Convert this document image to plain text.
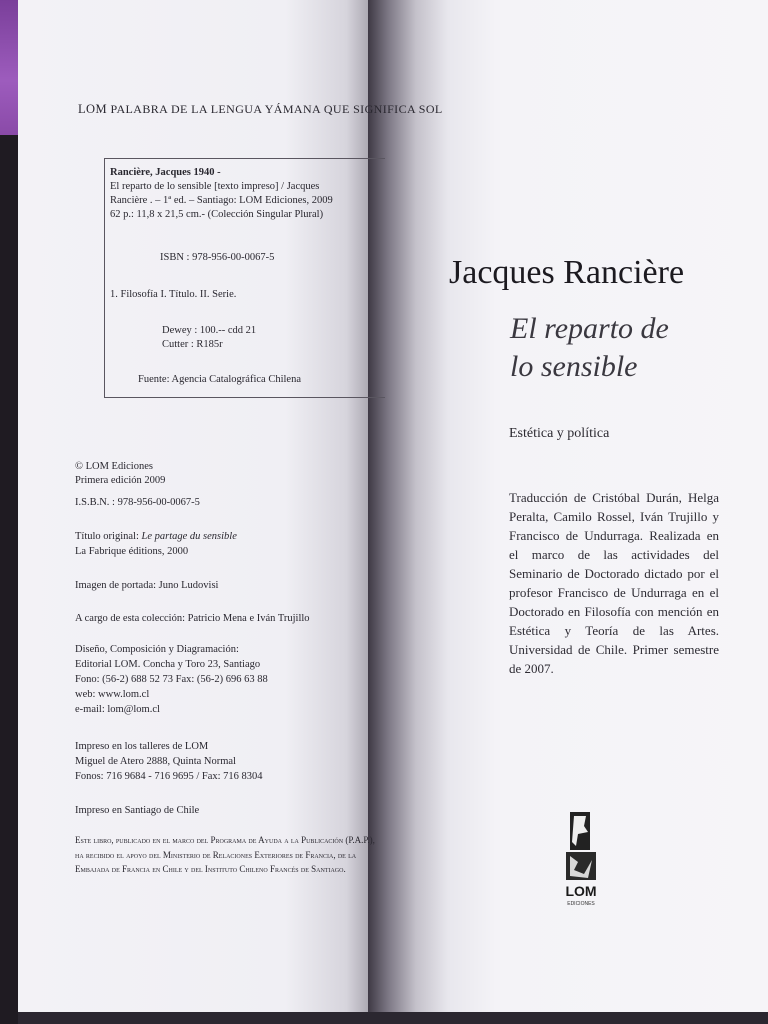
LOM PALABRA DE LA LENGUA YÁMANA QUE SIGNIFICA SOL
Rancière, Jacques 1940 -
El reparto de lo sensible [texto impreso] / Jacques
Rancière . – 1ª ed. – Santiago: LOM Ediciones, 2009
62 p.: 11,8 x 21,5 cm.- (Colección Singular Plural)
ISBN : 978-956-00-0067-5
1. Filosofía I. Título. II. Serie.
Dewey : 100.-- cdd 21
Cutter : R185r
Fuente: Agencia Catalográfica Chilena
© LOM Ediciones
Primera edición 2009
I.S.B.N. : 978-956-00-0067-5
Título original: Le partage du sensible
La Fabrique éditions, 2000
Imagen de portada: Juno Ludovisi
A cargo de esta colección: Patricio Mena e Iván Trujillo
Diseño, Composición y Diagramación:
Editorial LOM. Concha y Toro 23, Santiago
Fono: (56-2) 688 52 73 Fax: (56-2) 696 63 88
web: www.lom.cl
e-mail: lom@lom.cl
Impreso en los talleres de LOM
Miguel de Atero 2888, Quinta Normal
Fonos: 716 9684 - 716 9695 / Fax: 716 8304
Impreso en Santiago de Chile
Este libro, publicado en el marco del Programa de Ayuda a la Publicación (P.A.P.), ha recibido el apoyo del Ministerio de Relaciones Exteriores de Francia, de la Embajada de Francia en Chile y del Instituto Chileno Francés de Santiago.
Jacques Rancière
El reparto de
lo sensible
Estética y política
Traducción de Cristóbal Durán, Helga Peralta, Camilo Rossel, Iván Trujillo y Francisco de Undurraga. Realizada en el marco de las actividades del Seminario de Doctorado dictado por el profesor Francisco de Undurraga en el Doctorado en Filosofía con mención en Estética y Teoría de las Artes. Universidad de Chile. Primer semestre de 2007.
LOM
EDICIONES
